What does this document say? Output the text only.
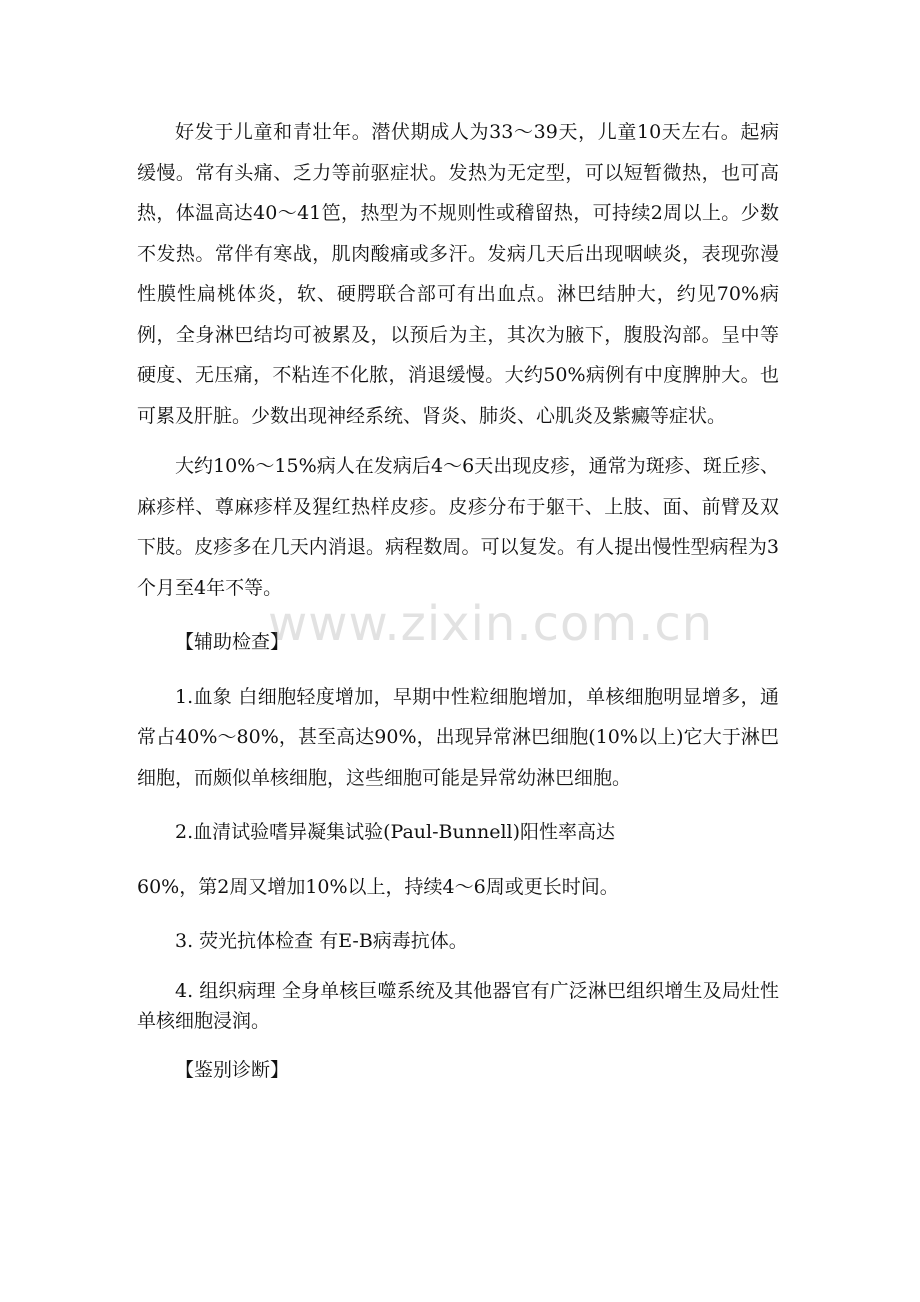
好发于儿童和青壮年。潜伏期成人为33～39天，儿童10天左右。起病缓慢。常有头痛、乏力等前驱症状。发热为无定型，可以短暂微热，也可高热，体温高达40～41笆，热型为不规则性或稽留热，可持续2周以上。少数不发热。常伴有寒战，肌肉酸痛或多汗。发病几天后出现咽峡炎，表现弥漫性膜性扁桃体炎，软、硬腭联合部可有出血点。淋巴结肿大，约见70%病例，全身淋巴结均可被累及，以预后为主，其次为腋下，腹股沟部。呈中等硬度、无压痛，不粘连不化脓，消退缓慢。大约50%病例有中度脾肿大。也可累及肝脏。少数出现神经系统、肾炎、肺炎、心肌炎及紫癜等症状。

大约10%～15%病人在发病后4～6天出现皮疹，通常为斑疹、斑丘疹、麻疹样、尊麻疹样及猩红热样皮疹。皮疹分布于躯干、上肢、面、前臂及双下肢。皮疹多在几天内消退。病程数周。可以复发。有人提出慢性型病程为3个月至4年不等。

【辅助检查】

1.血象 白细胞轻度增加，早期中性粒细胞增加，单核细胞明显增多，通常占40%～80%，甚至高达90%，出现异常淋巴细胞(10%以上)它大于淋巴细胞，而颇似单核细胞，这些细胞可能是异常幼淋巴细胞。

2.血清试验嗜异凝集试验(Paul-Bunnell)阳性率高达

60%，第2周又增加10%以上，持续4～6周或更长时间。

3. 荧光抗体检查 有E-B病毒抗体。

4. 组织病理 全身单核巨噬系统及其他器官有广泛淋巴组织增生及局灶性单核细胞浸润。

【鉴别诊断】

www.zixin.com.cn
